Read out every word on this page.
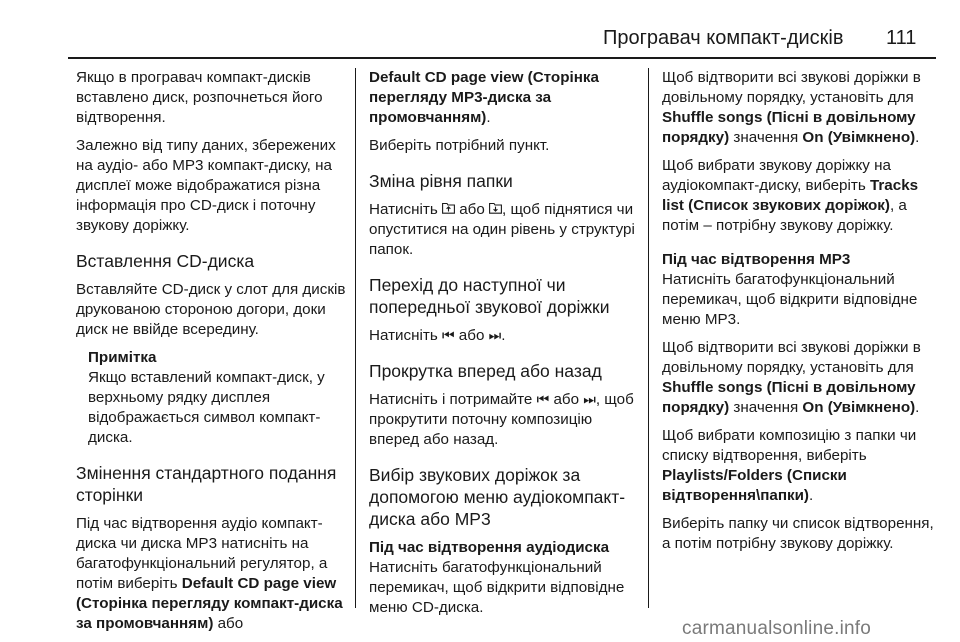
Програвач компакт-дисків 111

Якщо в програвач компакт-дисків вставлено диск, розпочнеться його відтворення.

Залежно від типу даних, збережених на аудіо- або MP3 компакт-диску, на дисплеї може відображатися різна інформація про CD-диск і поточну звукову доріжку.

Вставлення CD-диска

Вставляйте CD-диск у слот для дисків друкованою стороною догори, доки диск не ввійде всередину.

Примітка
Якщо вставлений компакт-диск, у верхньому рядку дисплея відображається символ компакт-диска.
Змінення стандартного подання сторінки

Під час відтворення аудіо компакт-диска чи диска MP3 натисніть на багатофункціональний регулятор, а потім виберіть Default CD page view (Сторінка перегляду компакт-диска за промовчанням) або

Default CD page view (Сторінка перегляду MP3-диска за промовчанням).

Виберіть потрібний пункт.

Зміна рівня папки

Натисніть  або , щоб піднятися чи опуститися на один рівень у структурі папок.

Перехід до наступної чи попередньої звукової доріжки

Натисніть ⏮ або ⏭.

Прокрутка вперед або назад

Натисніть і потримайте ⏮ або ⏭, щоб прокрутити поточну композицію вперед або назад.

Вибір звукових доріжок за допомогою меню аудіокомпакт-диска або MP3
Під час відтворення аудіодиска

Натисніть багатофункціональний перемикач, щоб відкрити відповідне меню CD-диска.

Щоб відтворити всі звукові доріжки в довільному порядку, установіть для Shuffle songs (Пісні в довільному порядку) значення On (Увімкнено).

Щоб вибрати звукову доріжку на аудіокомпакт-диску, виберіть Tracks list (Список звукових доріжок), а потім – потрібну звукову доріжку.

Під час відтворення MP3

Натисніть багатофункціональний перемикач, щоб відкрити відповідне меню MP3.

Щоб відтворити всі звукові доріжки в довільному порядку, установіть для Shuffle songs (Пісні в довільному порядку) значення On (Увімкнено).

Щоб вибрати композицію з папки чи списку відтворення, виберіть Playlists/Folders (Списки відтворення\папки).

Виберіть папку чи список відтворення, а потім потрібну звукову доріжку.

carmanualsonline.info
